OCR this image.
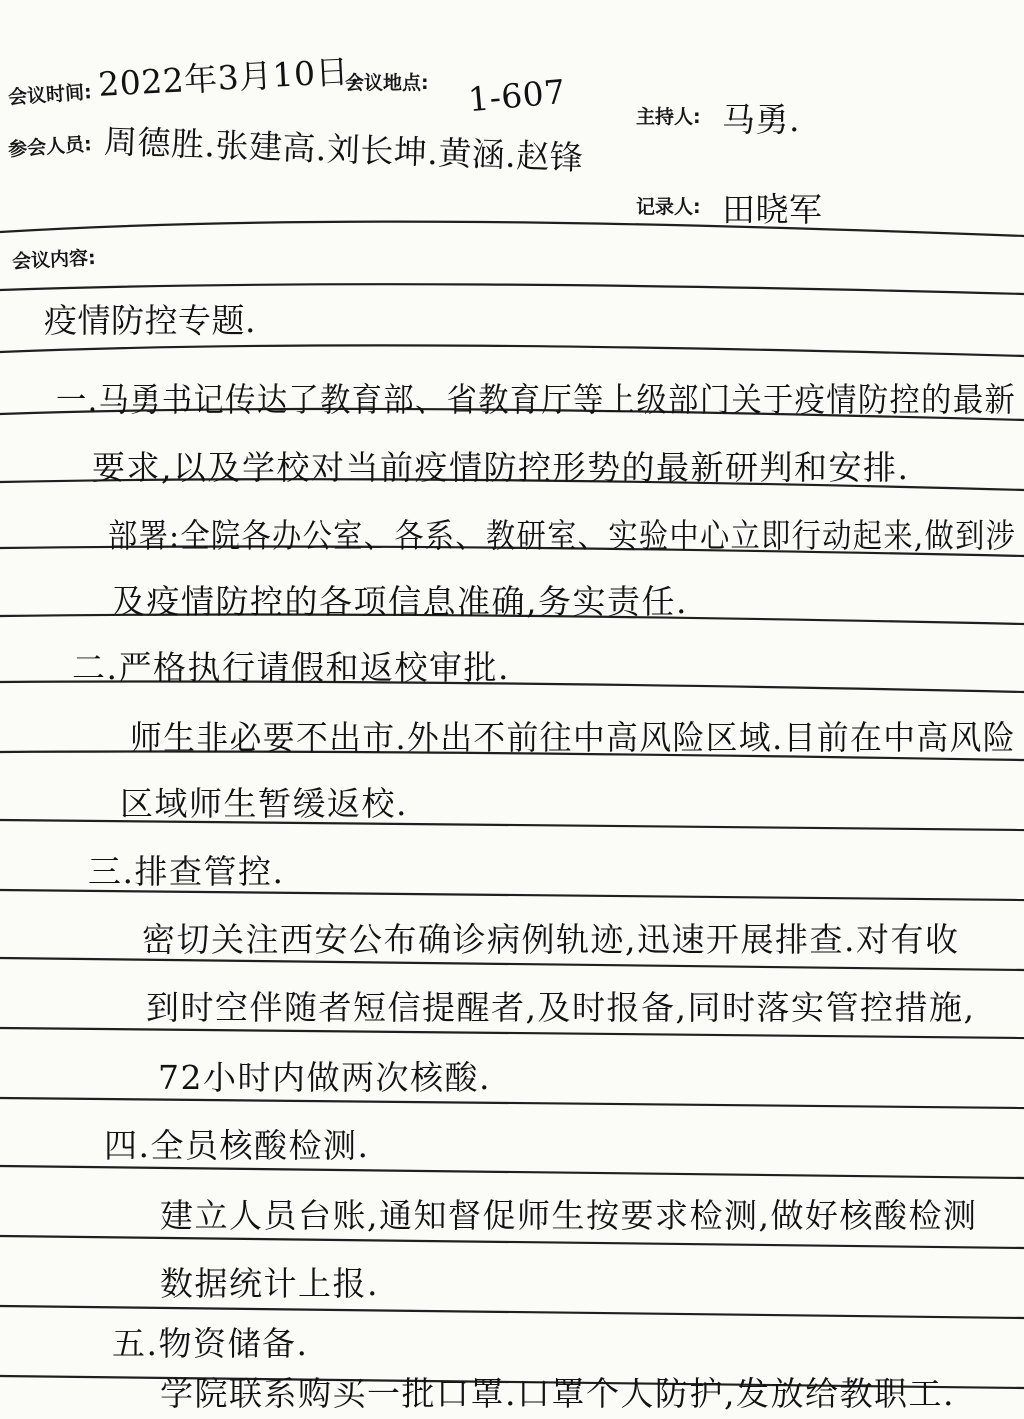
会议时间: 2022年3月10日.
会议地点: 1-607
参会人员: 周德胜.张建高.刘长坤.黄涵.赵锋
主持人: 马勇.
记录人: 田晓军
会议内容:
疫情防控专题.
一.马勇书记传达了教育部、省教育厅等上级部门关于疫情防控的最新
要求,以及学校对当前疫情防控形势的最新研判和安排.
部署:全院各办公室、各系、教研室、实验中心立即行动起来,做到涉
及疫情防控的各项信息准确,务实责任.
二.严格执行请假和返校审批.
师生非必要不出市.外出不前往中高风险区域.目前在中高风险
区域师生暂缓返校.
三.排查管控.
密切关注西安公布确诊病例轨迹,迅速开展排查.对有收
到时空伴随者短信提醒者,及时报备,同时落实管控措施,
72小时内做两次核酸.
四.全员核酸检测.
建立人员台账,通知督促师生按要求检测,做好核酸检测
数据统计上报.
五.物资储备.
学院联系购买一批口罩.口罩个人防护,发放给教职工.
